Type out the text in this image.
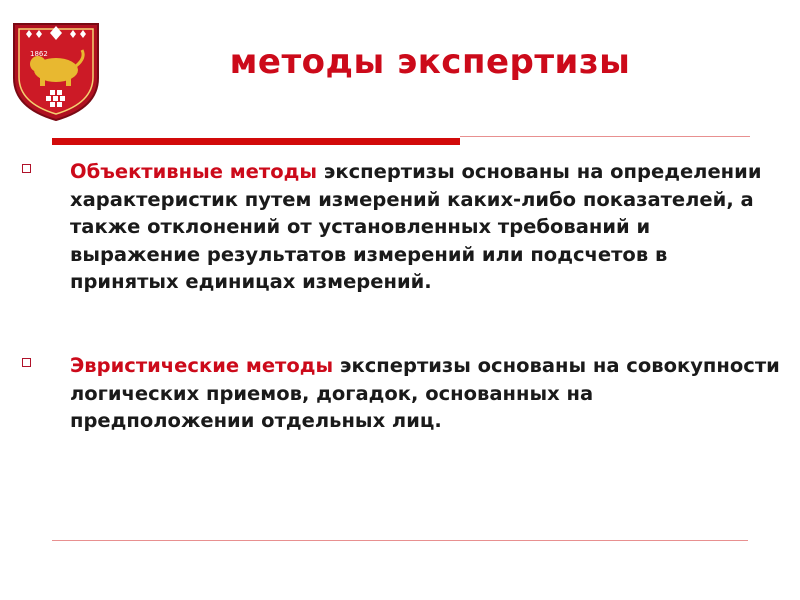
1862	методы экспертизы
Объективные методы экспертизы основаны на определении характеристик путем измерений каких-либо показателей, а также отклонений от установленных требований и выражение результатов измерений или подсчетов в принятых единицах измерений.
Эвристические методы экспертизы основаны на совокупности логических приемов, догадок, основанных на предположении отдельных лиц.
